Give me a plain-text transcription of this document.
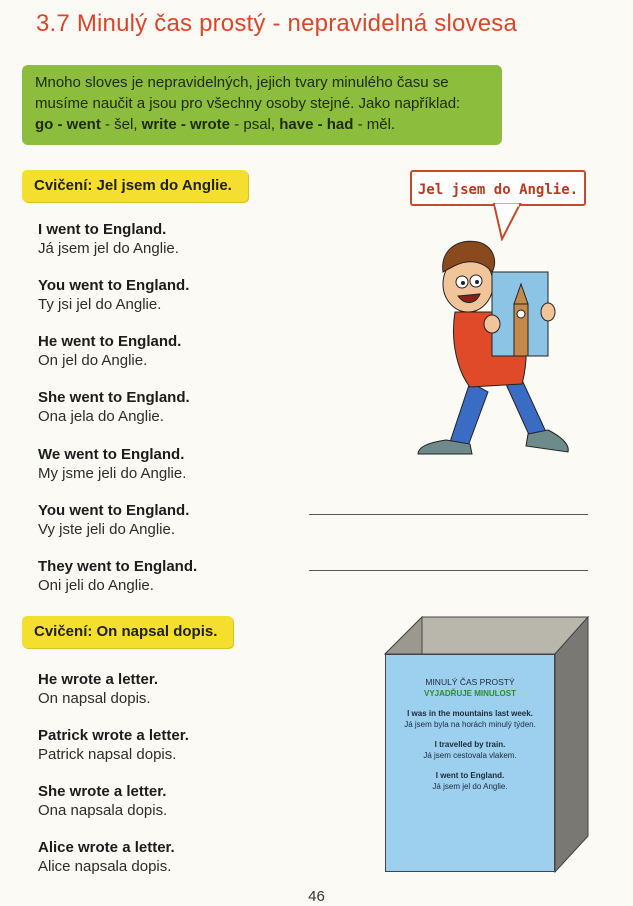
3.7 Minulý čas prostý - nepravidelná slovesa
Mnoho sloves je nepravidelných, jejich tvary minulého času se musíme naučit a jsou pro všechny osoby stejné. Jako například:
go - went - šel, write - wrote - psal, have - had - měl.
Cvičení: Jel jsem do Anglie.
I went to England.
Já jsem jel do Anglie.
You went to England.
Ty jsi jel do Anglie.
He went to England.
On jel do Anglie.
She went to England.
Ona jela do Anglie.
We went to England.
My jsme jeli do Anglie.
You went to England.
Vy jste jeli do Anglie.
They went to England.
Oni jeli do Anglie.
Jel jsem do Anglie.
Cvičení: On napsal dopis.
He wrote a letter.
On napsal dopis.
Patrick wrote a letter.
Patrick napsal dopis.
She wrote a letter.
Ona napsala dopis.
Alice wrote a letter.
Alice napsala dopis.
MINULÝ ČAS PROSTÝ
VYJADŘUJE MINULOST
I was in the mountains last week.
Já jsem byla na horách minulý týden.
I travelled by train.
Já jsem cestovala vlakem.
I went to England.
Já jsem jel do Anglie.
46
